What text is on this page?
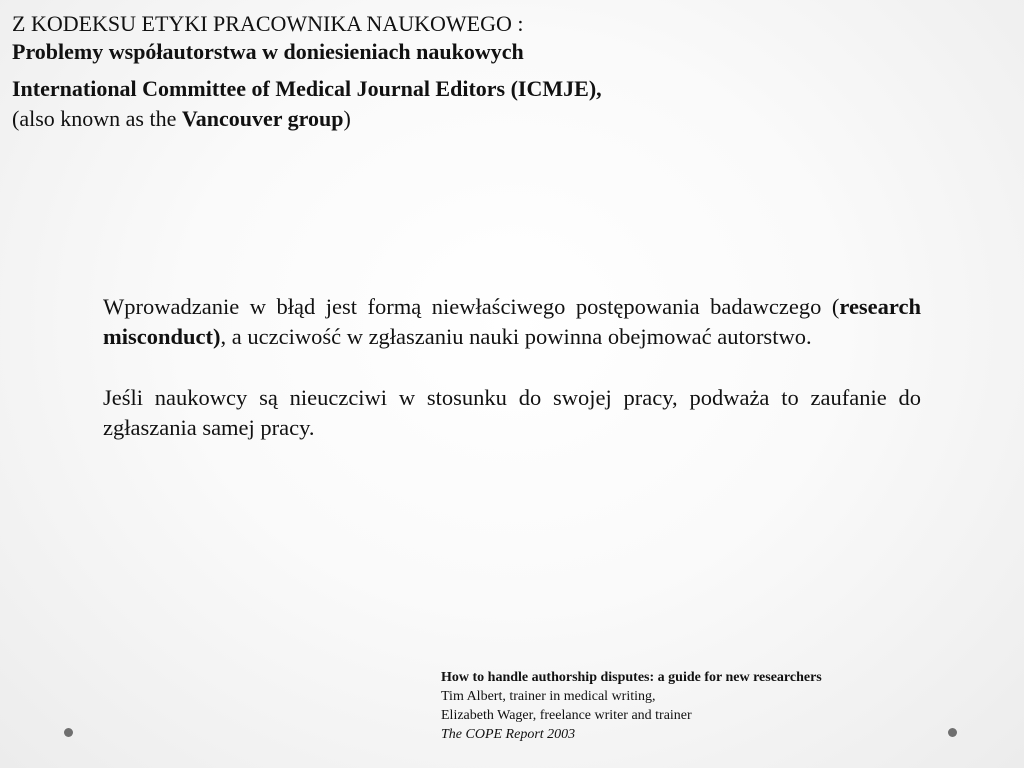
Z KODEKSU ETYKI PRACOWNIKA NAUKOWEGO :
Problemy współautorstwa w doniesieniach naukowych
International Committee of Medical Journal Editors (ICMJE),
(also known as the Vancouver group)

Wprowadzanie w błąd jest formą niewłaściwego postępowania badawczego (research misconduct), a uczciwość w zgłaszaniu nauki powinna obejmować autorstwo.

Jeśli naukowcy są nieuczciwi w stosunku do swojej pracy, podważa to zaufanie do zgłaszania samej pracy.

How to handle authorship disputes: a guide for new researchers
Tim Albert, trainer in medical writing,
Elizabeth Wager, freelance writer and trainer
The COPE Report 2003
